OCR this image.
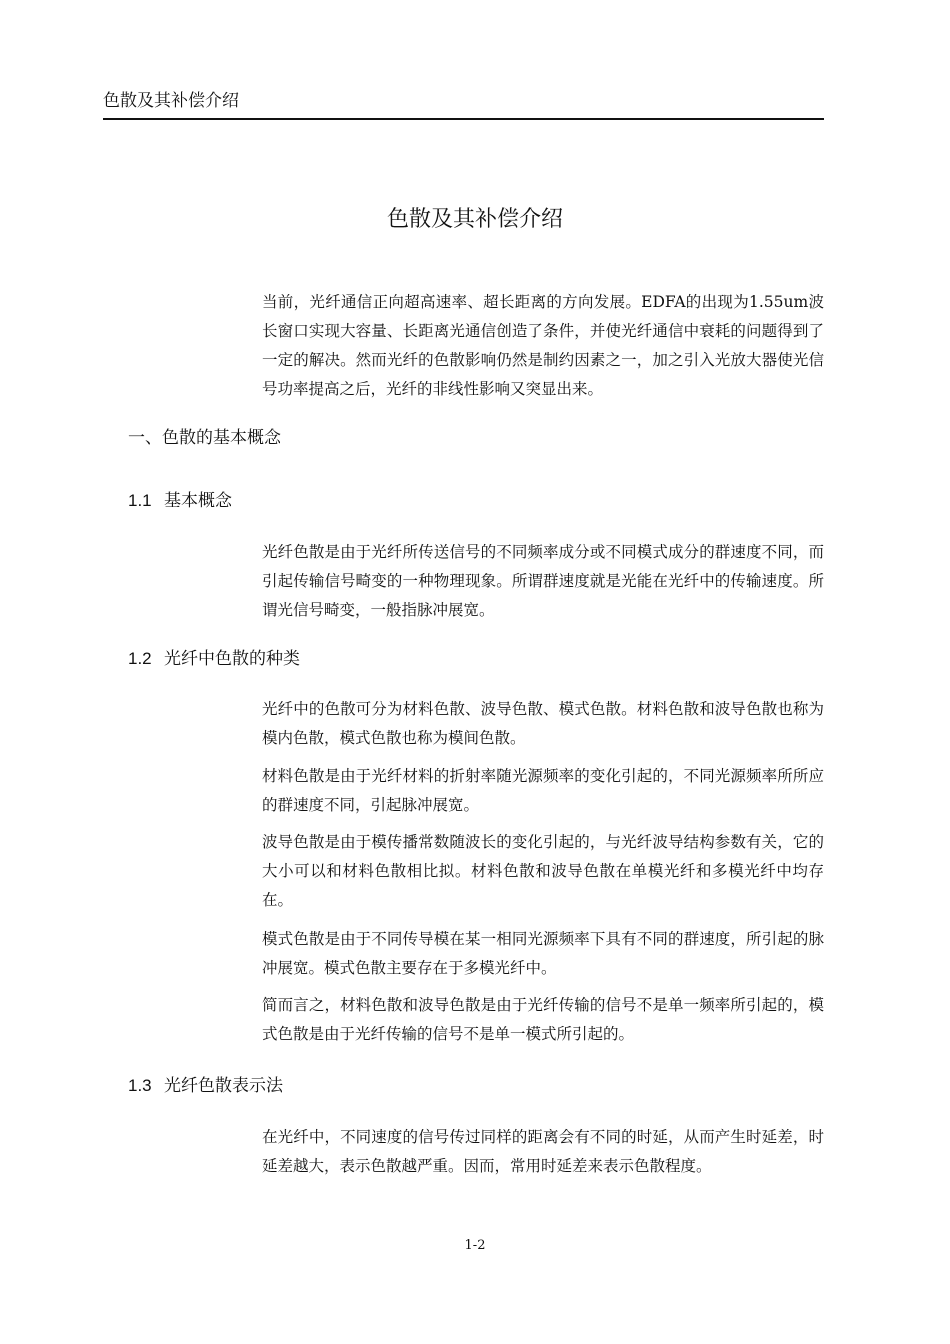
色散及其补偿介绍
色散及其补偿介绍

当前，光纤通信正向超高速率、超长距离的方向发展。EDFA的出现为1.55um波长窗口实现大容量、长距离光通信创造了条件，并使光纤通信中衰耗的问题得到了一定的解决。然而光纤的色散影响仍然是制约因素之一，加之引入光放大器使光信号功率提高之后，光纤的非线性影响又突显出来。

一、色散的基本概念
1.1 基本概念

光纤色散是由于光纤所传送信号的不同频率成分或不同模式成分的群速度不同，而引起传输信号畸变的一种物理现象。所谓群速度就是光能在光纤中的传输速度。所谓光信号畸变，一般指脉冲展宽。

1.2 光纤中色散的种类

光纤中的色散可分为材料色散、波导色散、模式色散。材料色散和波导色散也称为模内色散，模式色散也称为模间色散。

材料色散是由于光纤材料的折射率随光源频率的变化引起的，不同光源频率所所应的群速度不同，引起脉冲展宽。

波导色散是由于模传播常数随波长的变化引起的，与光纤波导结构参数有关，它的大小可以和材料色散相比拟。材料色散和波导色散在单模光纤和多模光纤中均存在。

模式色散是由于不同传导模在某一相同光源频率下具有不同的群速度，所引起的脉冲展宽。模式色散主要存在于多模光纤中。

简而言之，材料色散和波导色散是由于光纤传输的信号不是单一频率所引起的，模式色散是由于光纤传输的信号不是单一模式所引起的。

1.3 光纤色散表示法

在光纤中，不同速度的信号传过同样的距离会有不同的时延，从而产生时延差，时延差越大，表示色散越严重。因而，常用时延差来表示色散程度。

1-2
